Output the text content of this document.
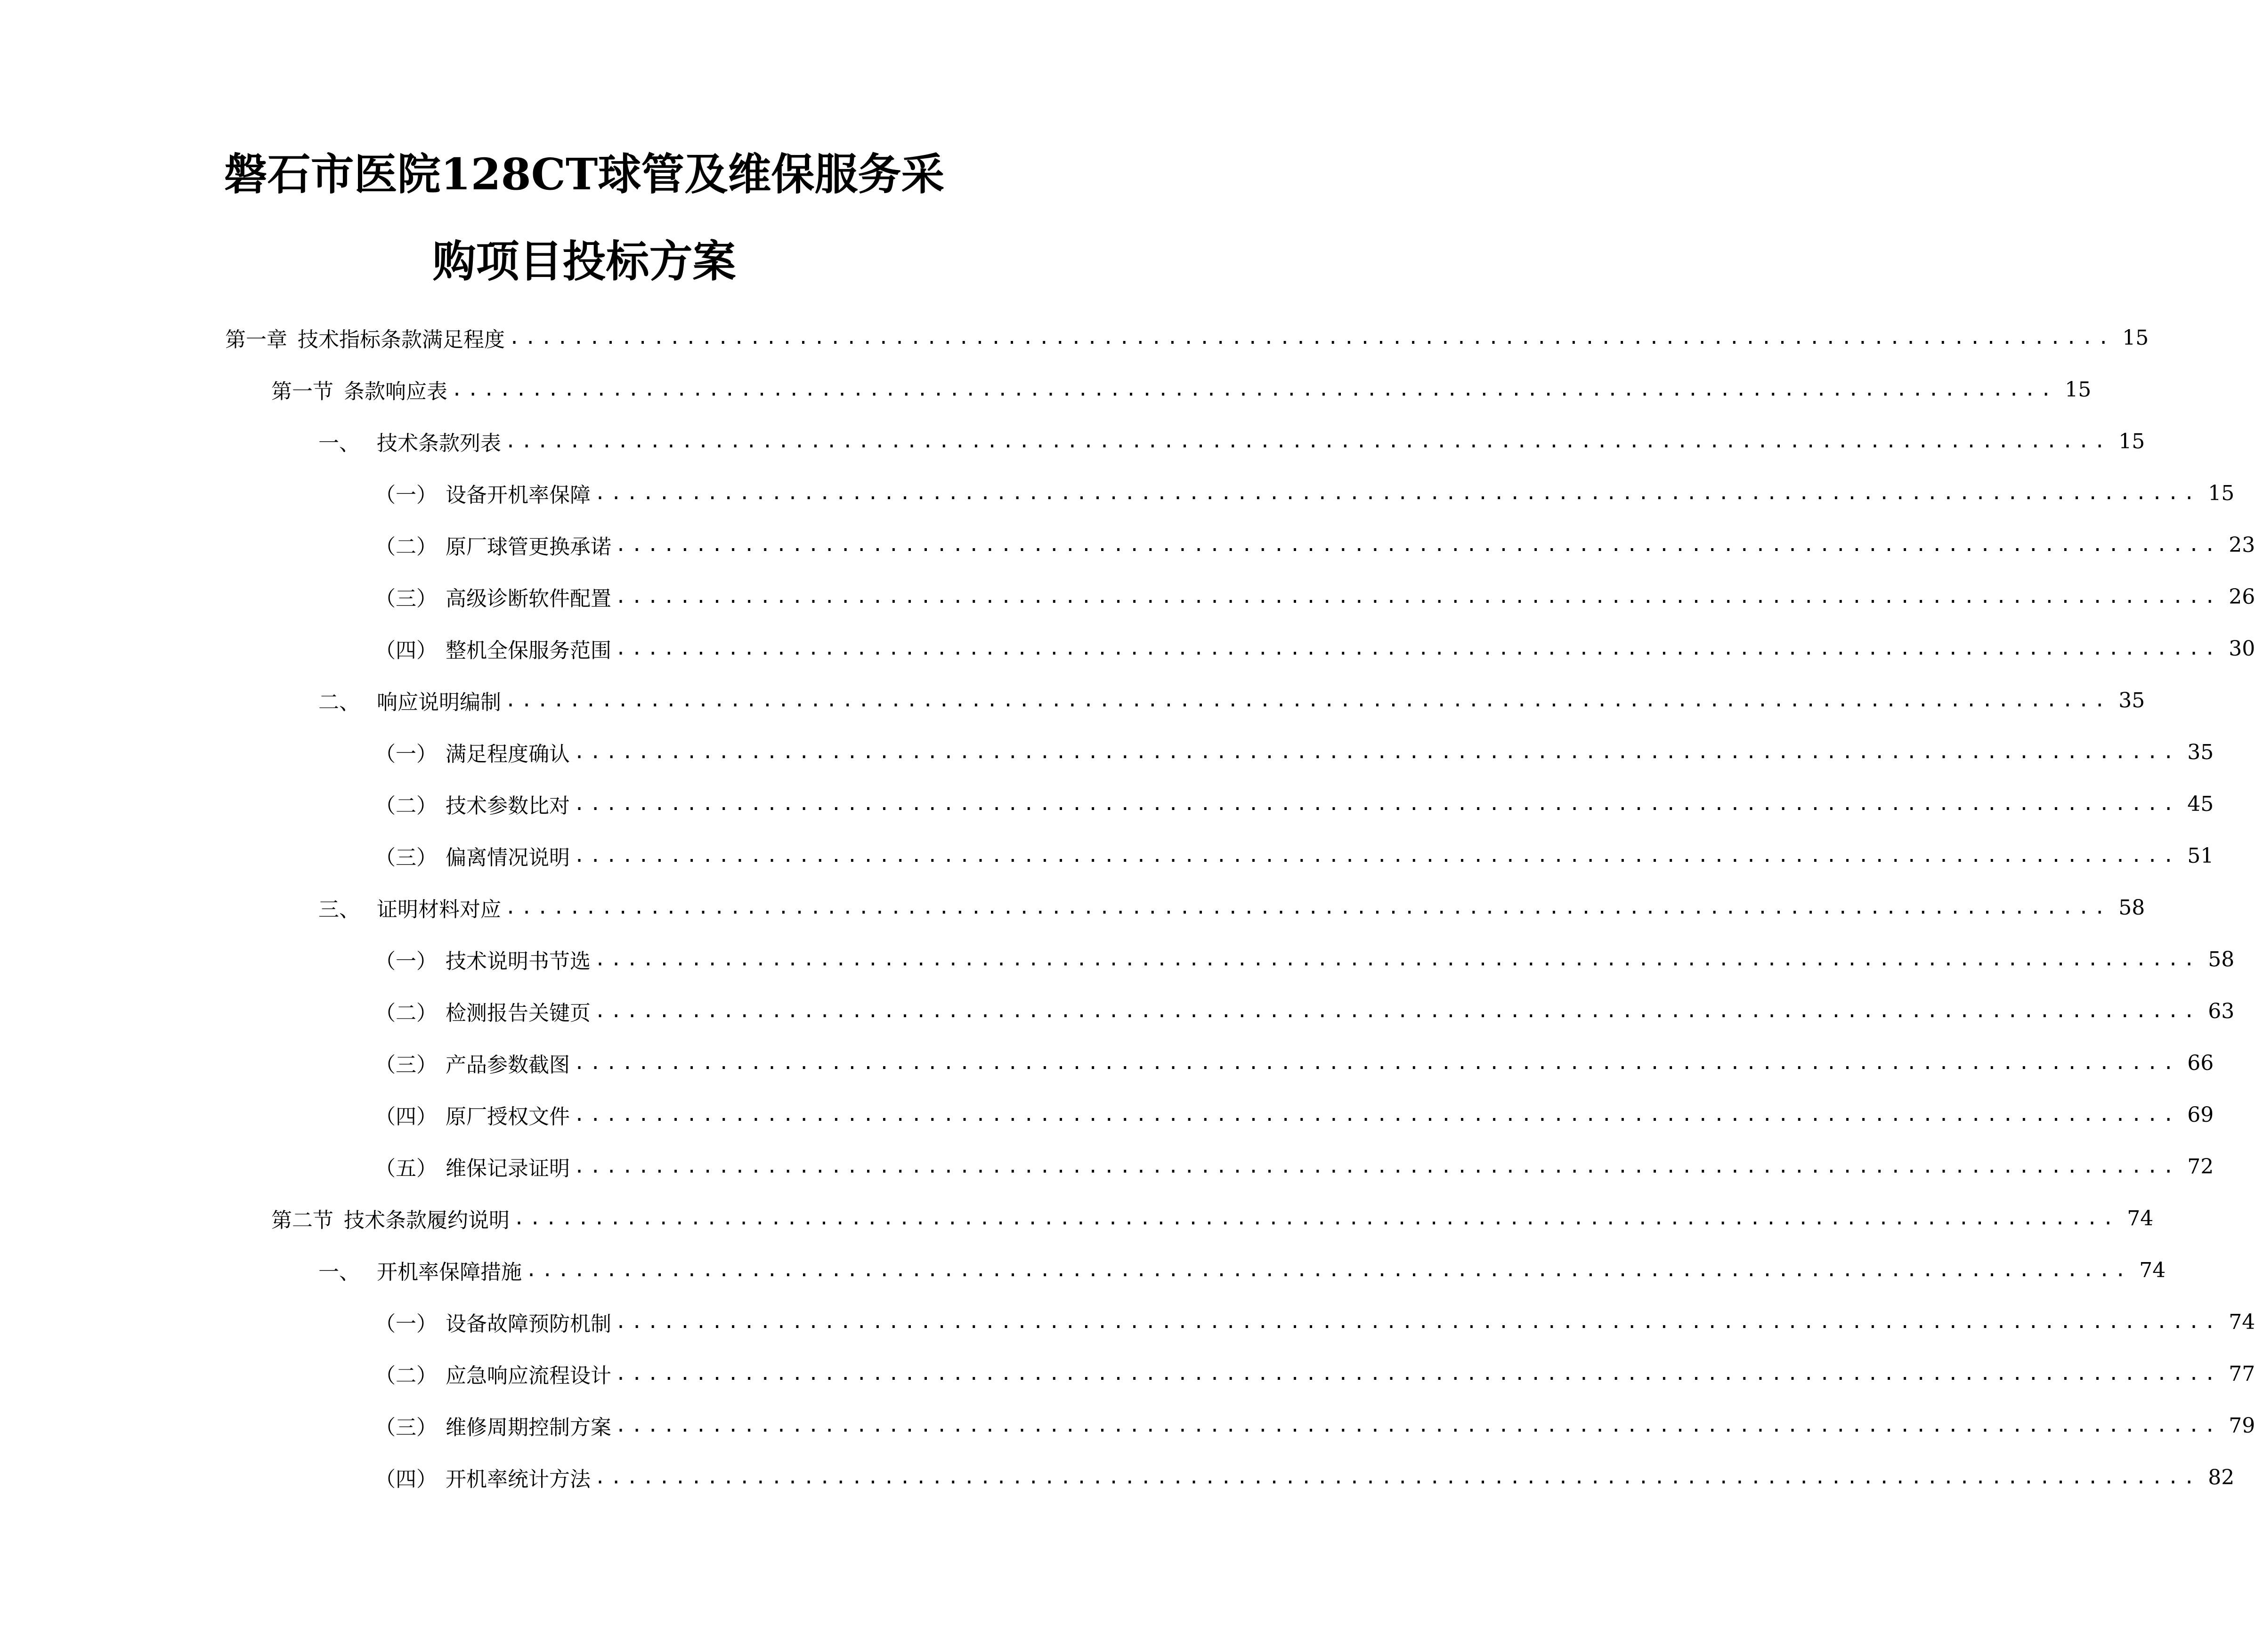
磐石市医院128CT球管及维保服务采
购项目投标方案
第一章 技术指标条款满足程度 .................................................................................................... 15
第一节 条款响应表 .................................................................................................... 15
一、 技术条款列表 .................................................................................................... 15
（一） 设备开机率保障 .................................................................................................... 15
（二） 原厂球管更换承诺 .................................................................................................... 23
（三） 高级诊断软件配置 .................................................................................................... 26
（四） 整机全保服务范围 .................................................................................................... 30
二、 响应说明编制 .................................................................................................... 35
（一） 满足程度确认 .................................................................................................... 35
（二） 技术参数比对 .................................................................................................... 45
（三） 偏离情况说明 .................................................................................................... 51
三、 证明材料对应 .................................................................................................... 58
（一） 技术说明书节选 .................................................................................................... 58
（二） 检测报告关键页 .................................................................................................... 63
（三） 产品参数截图 .................................................................................................... 66
（四） 原厂授权文件 .................................................................................................... 69
（五） 维保记录证明 .................................................................................................... 72
第二节 技术条款履约说明 .................................................................................................... 74
一、 开机率保障措施 .................................................................................................... 74
（一） 设备故障预防机制 .................................................................................................... 74
（二） 应急响应流程设计 .................................................................................................... 77
（三） 维修周期控制方案 .................................................................................................... 79
（四） 开机率统计方法 .................................................................................................... 82
